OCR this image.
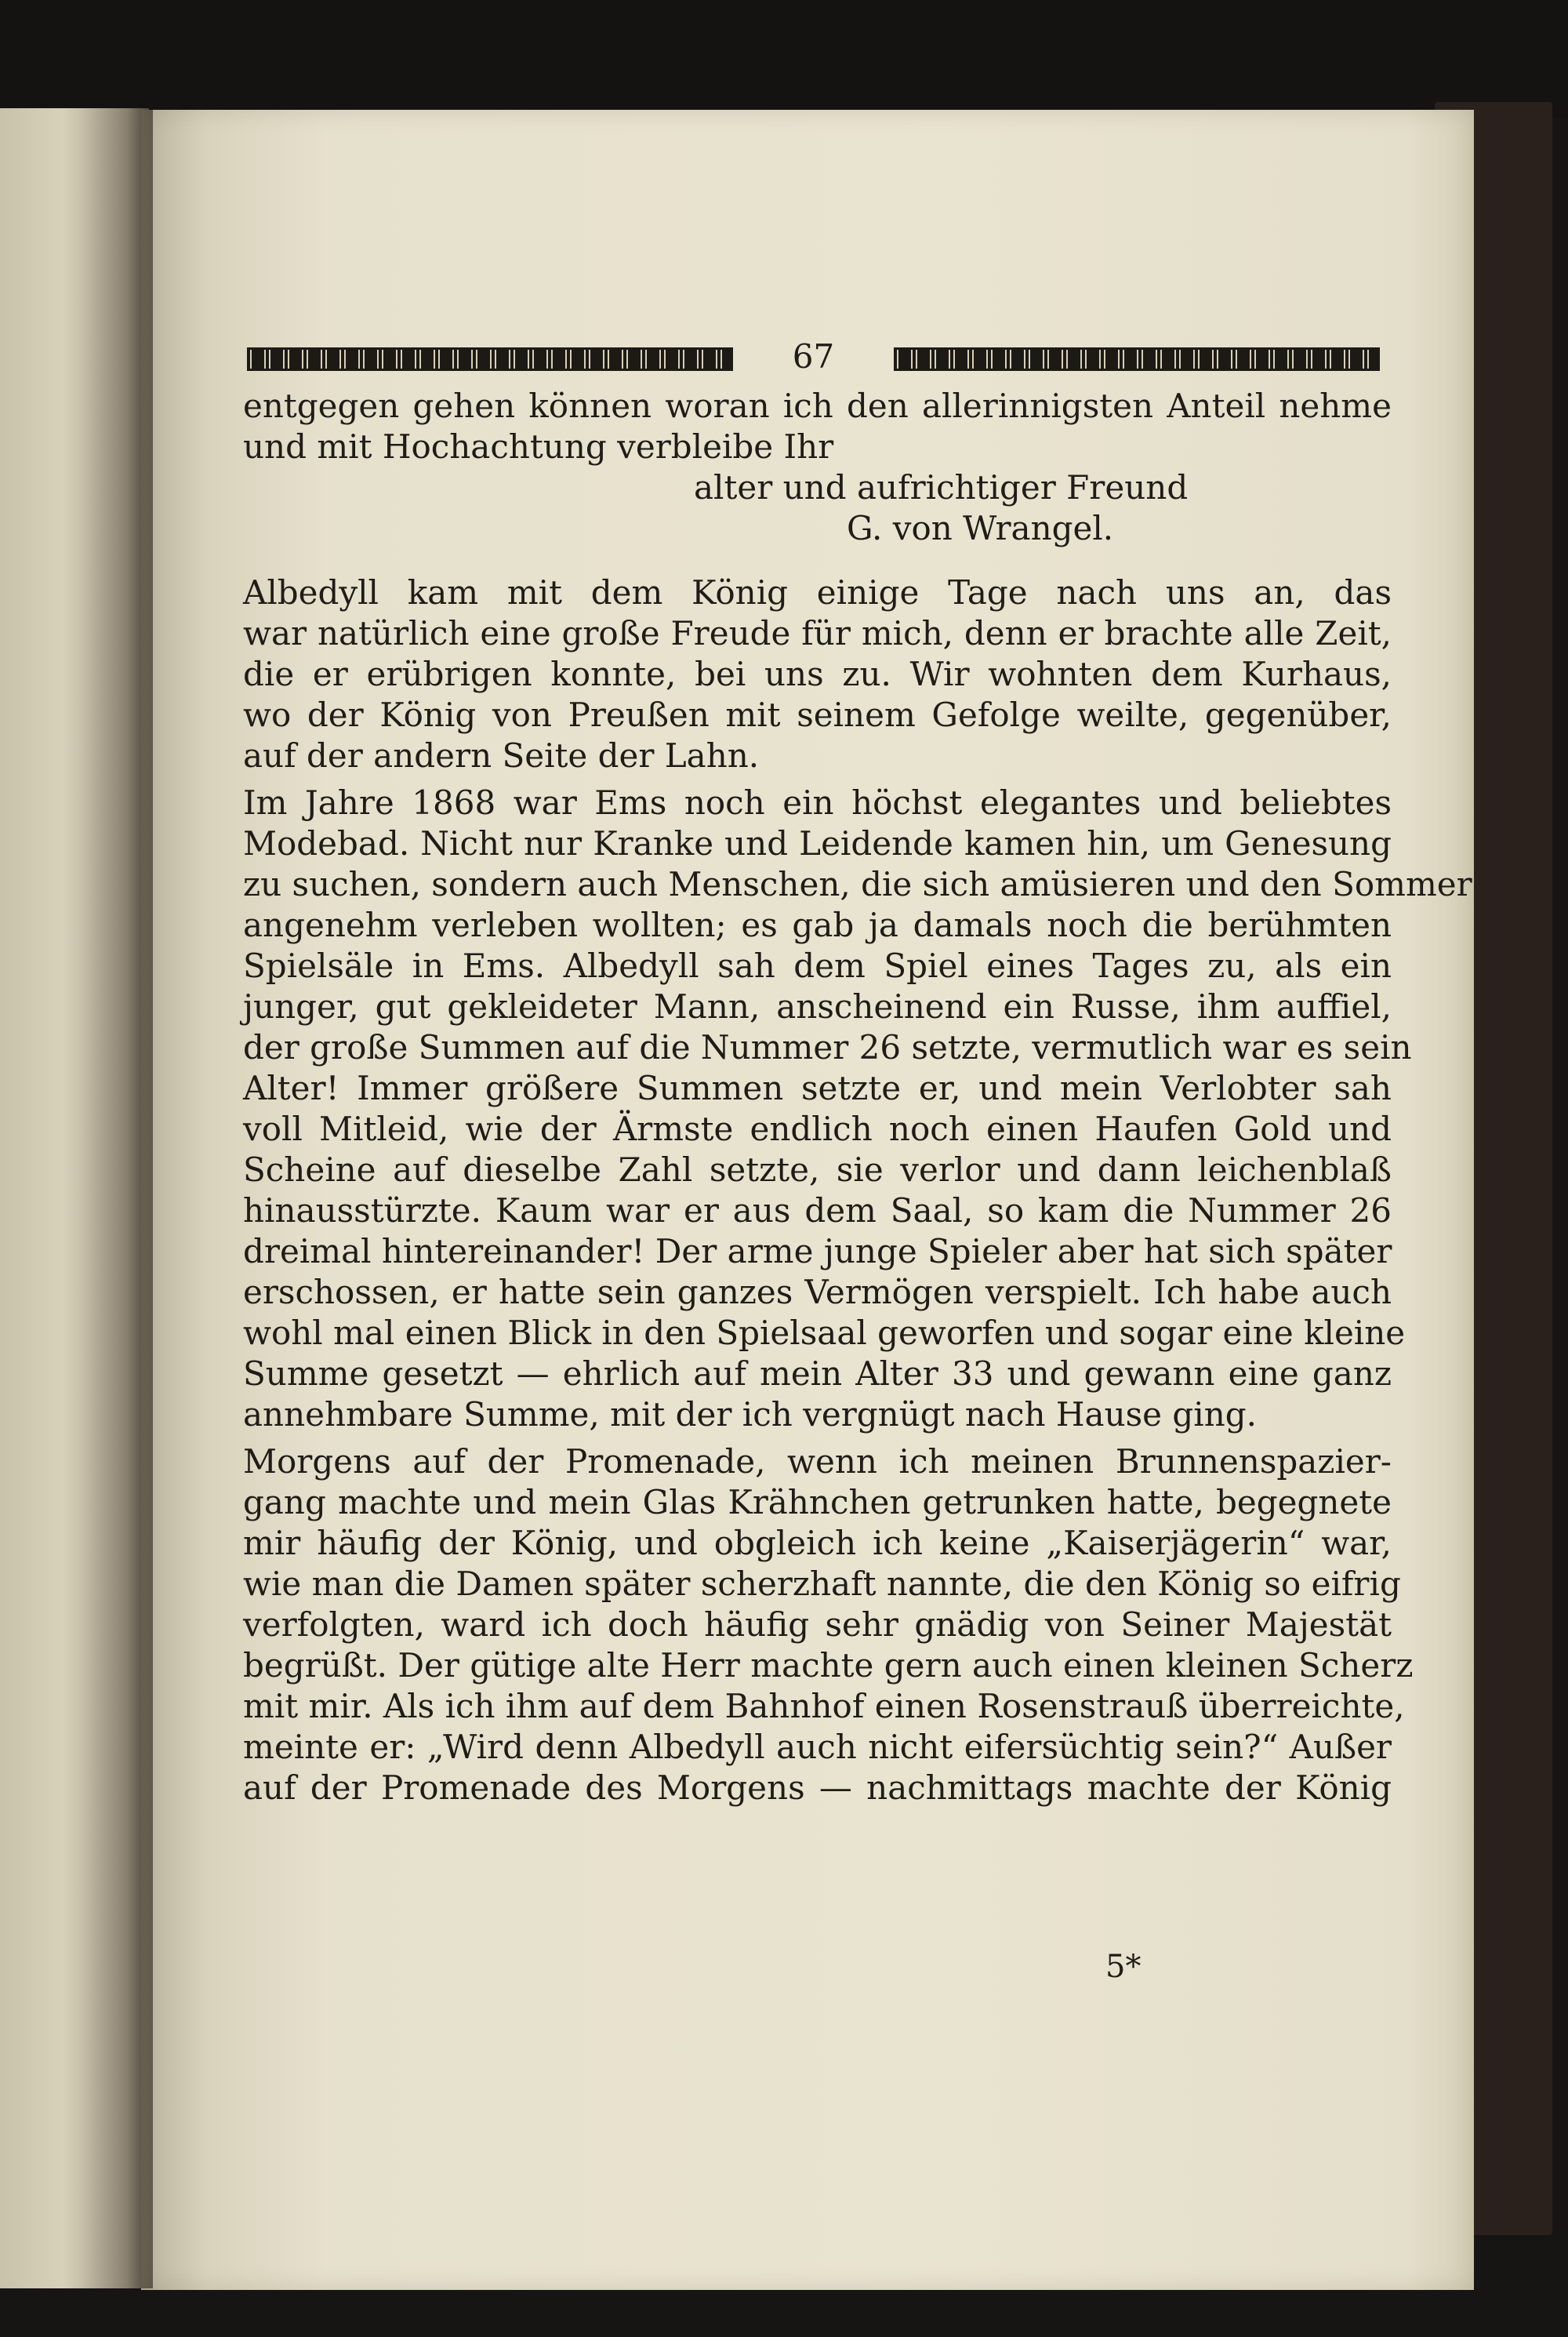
67
entgegen gehen können woran ich den allerinnigsten Anteil nehme
und mit Hochachtung verbleibe Ihr
alter und aufrichtiger Freund
G. von Wrangel.
Albedyll kam mit dem König einige Tage nach uns an, das
war natürlich eine große Freude für mich, denn er brachte alle Zeit,
die er erübrigen konnte, bei uns zu. Wir wohnten dem Kurhaus,
wo der König von Preußen mit seinem Gefolge weilte, gegenüber,
auf der andern Seite der Lahn.
Im Jahre 1868 war Ems noch ein höchst elegantes und beliebtes
Modebad. Nicht nur Kranke und Leidende kamen hin, um Genesung
zu suchen, sondern auch Menschen, die sich amüsieren und den Sommer
angenehm verleben wollten; es gab ja damals noch die berühmten
Spielsäle in Ems. Albedyll sah dem Spiel eines Tages zu, als ein
junger, gut gekleideter Mann, anscheinend ein Russe, ihm auffiel,
der große Summen auf die Nummer 26 setzte, vermutlich war es sein
Alter! Immer größere Summen setzte er, und mein Verlobter sah
voll Mitleid, wie der Ärmste endlich noch einen Haufen Gold und
Scheine auf dieselbe Zahl setzte, sie verlor und dann leichenblaß
hinausstürzte. Kaum war er aus dem Saal, so kam die Nummer 26
dreimal hintereinander! Der arme junge Spieler aber hat sich später
erschossen, er hatte sein ganzes Vermögen verspielt. Ich habe auch
wohl mal einen Blick in den Spielsaal geworfen und sogar eine kleine
Summe gesetzt — ehrlich auf mein Alter 33 und gewann eine ganz
annehmbare Summe, mit der ich vergnügt nach Hause ging.
Morgens auf der Promenade, wenn ich meinen Brunnenspazier-
gang machte und mein Glas Krähnchen getrunken hatte, begegnete
mir häufig der König, und obgleich ich keine „Kaiserjägerin“ war,
wie man die Damen später scherzhaft nannte, die den König so eifrig
verfolgten, ward ich doch häufig sehr gnädig von Seiner Majestät
begrüßt. Der gütige alte Herr machte gern auch einen kleinen Scherz
mit mir. Als ich ihm auf dem Bahnhof einen Rosenstrauß überreichte,
meinte er: „Wird denn Albedyll auch nicht eifersüchtig sein?“ Außer
auf der Promenade des Morgens — nachmittags machte der König
5*
